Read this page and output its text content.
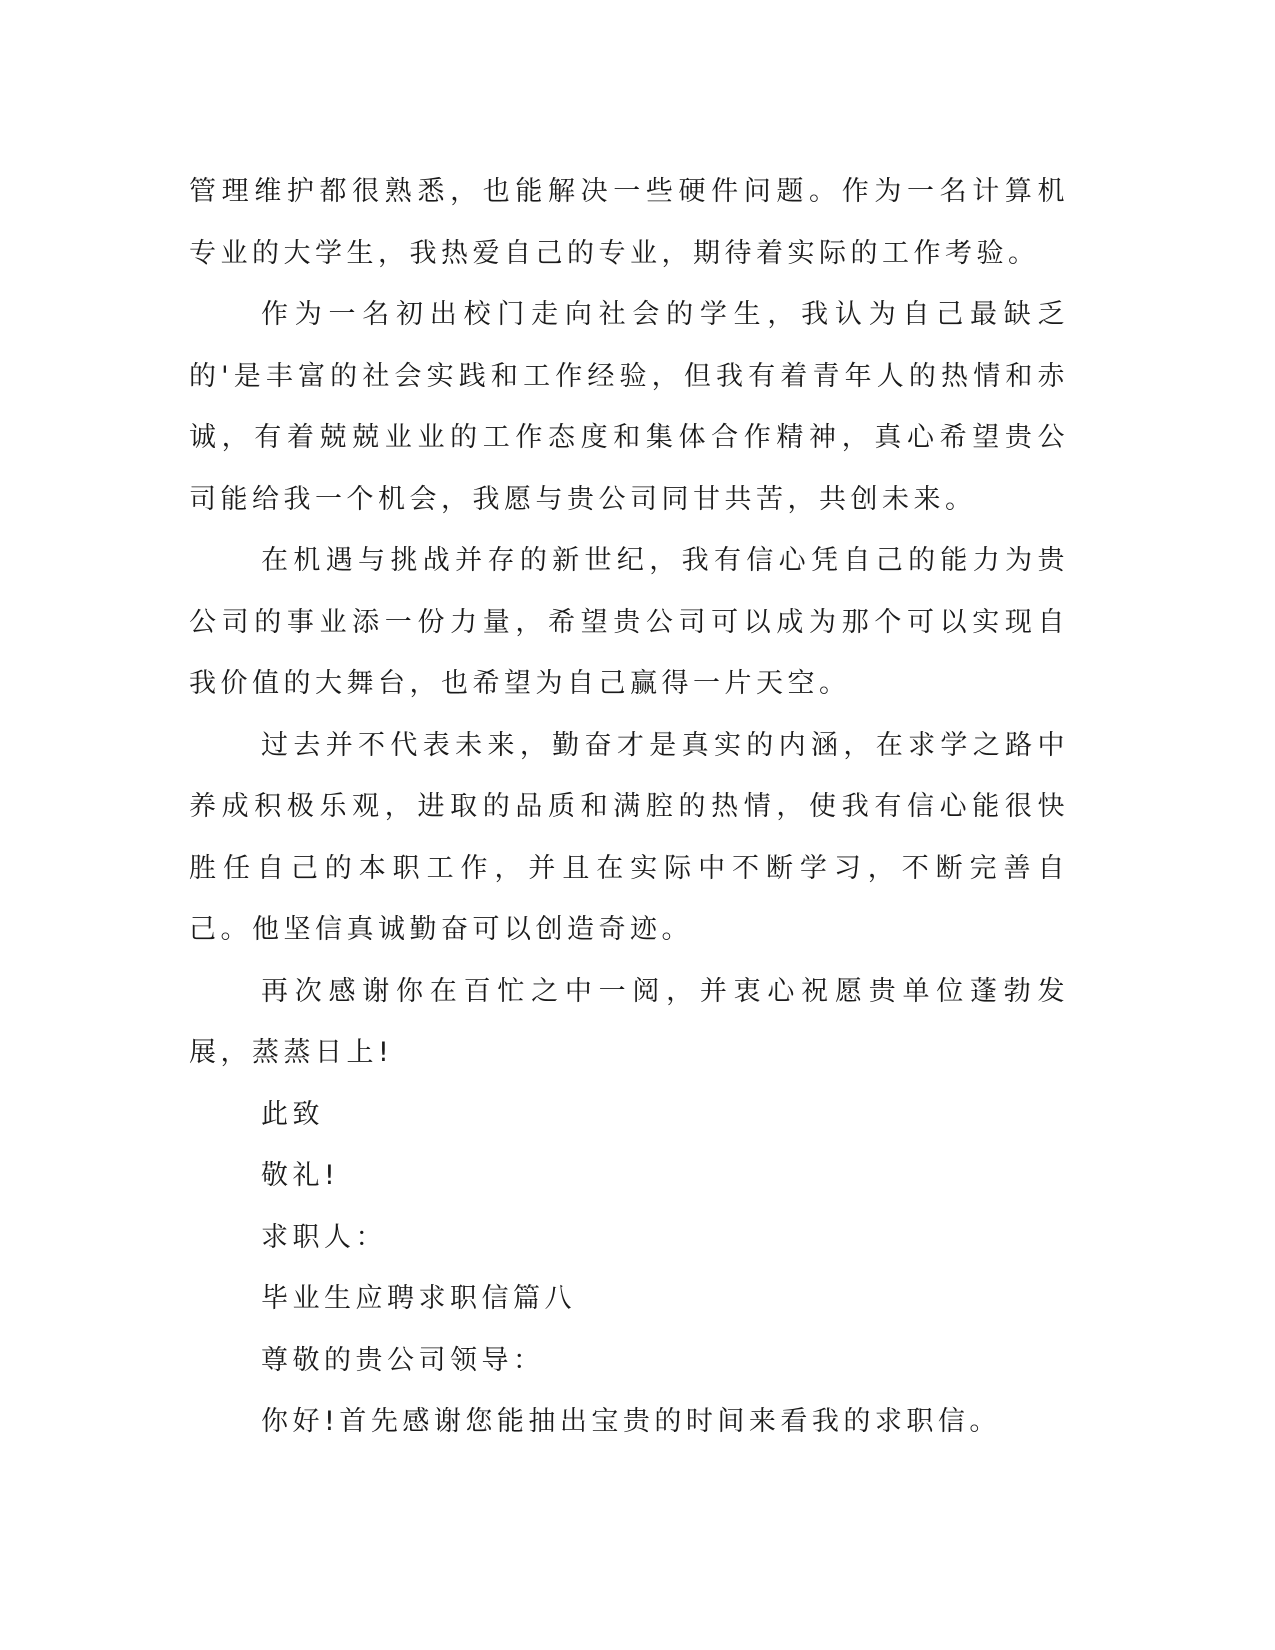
管理维护都很熟悉，也能解决一些硬件问题。作为一名计算机专业的大学生，我热爱自己的专业，期待着实际的工作考验。

作为一名初出校门走向社会的学生，我认为自己最缺乏的'是丰富的社会实践和工作经验，但我有着青年人的热情和赤诚，有着兢兢业业的工作态度和集体合作精神，真心希望贵公司能给我一个机会，我愿与贵公司同甘共苦，共创未来。

在机遇与挑战并存的新世纪，我有信心凭自己的能力为贵公司的事业添一份力量，希望贵公司可以成为那个可以实现自我价值的大舞台，也希望为自己赢得一片天空。

过去并不代表未来，勤奋才是真实的内涵，在求学之路中养成积极乐观，进取的品质和满腔的热情，使我有信心能很快胜任自己的本职工作，并且在实际中不断学习，不断完善自己。他坚信真诚勤奋可以创造奇迹。

再次感谢你在百忙之中一阅，并衷心祝愿贵单位蓬勃发展，蒸蒸日上!

此致

敬礼!

求职人：

毕业生应聘求职信篇八

尊敬的贵公司领导：

你好!首先感谢您能抽出宝贵的时间来看我的求职信。
